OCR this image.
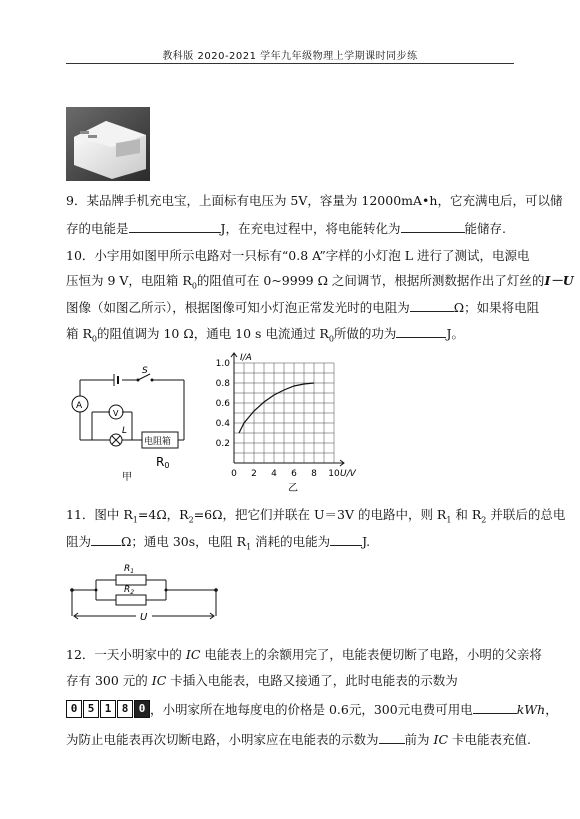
教科版 2020-2021 学年九年级物理上学期课时同步练
9．某品牌手机充电宝，上面标有电压为 5V，容量为 12000mA•h，它充满电后，可以储
存的电能是	J，在充电过程中，将电能转化为	能储存.
10．小宇用如图甲所示电路对一只标有“0.8 A”字样的小灯泡 L 进行了测试，电源电
压恒为 9 V，电阻箱 $R_0$的阻值可在 0~9999 Ω 之间调节，根据所测数据作出了灯丝的I－U
图像（如图乙所示），根据图像可知小灯泡正常发光时的电阻为	Ω；如果将电阻
箱 $R_0$的阻值调为 10 Ω，通电 10 s 电流通过 $R_0$所做的功为	J。
A
V
S
L
电阻箱
R0
甲	0 2 4 6 8 10
0.2
0.4
0.6
0.8
1.0
I/A
U/V
乙
11．图中 $R_1=4\Omega$，$R_2=6\Omega$，把它们并联在 U＝3V 的电路中，则 $R_1$ 和 $R_2$ 并联后的总电
阻为 Ω；通电 30s，电阻 $R_1$ 消耗的电能为	J.
$R_1$
$R_2$
U
12．一天小明家中的 IC 电能表上的余额用完了，电能表便切断了电路，小明的父亲将
存有 300 元的 IC 卡插入电能表，电路又接通了，此时电能表的示数为
0 5 1 8 0 ，小明家所在地每度电的价格是 0.6元，300元电费可用电	kWh，
为防止电能表再次切断电路，小明家应在电能表的示数为 前为 IC 卡电能表充值.
